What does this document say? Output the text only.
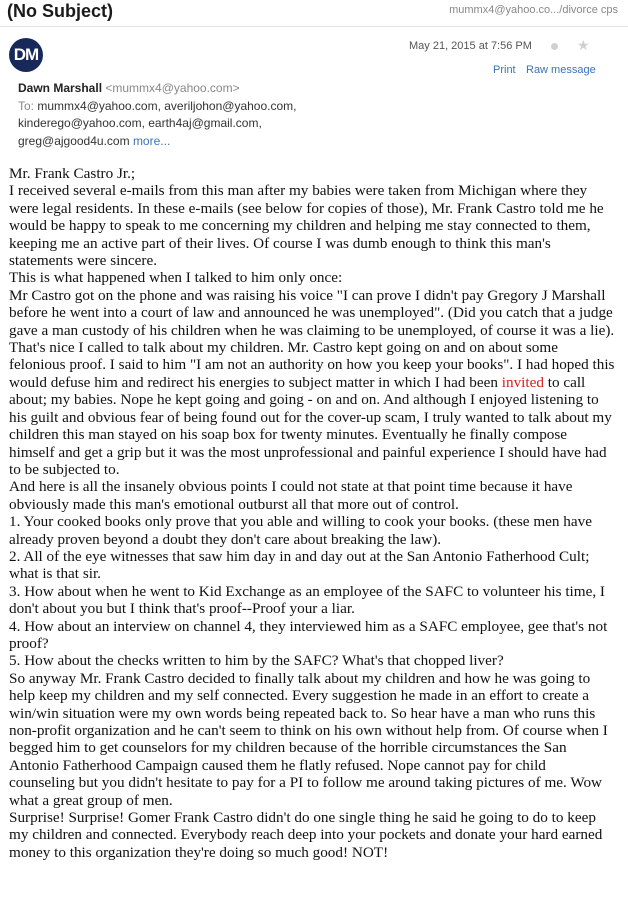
(No Subject)	mummx4@yahoo.co.../divorce cps
DM	May 21, 2015 at 7:56 PM	★
Print Raw message
Dawn Marshall <mummx4@yahoo.com>
To: mummx4@yahoo.com, averiljohon@yahoo.com,
kinderego@yahoo.com, earth4aj@gmail.com,
greg@ajgood4u.com more...

Mr. Frank Castro Jr.;

I received several e-mails from this man after my babies were taken from Michigan where they were legal residents. In these e-mails (see below for copies of those), Mr. Frank Castro told me he would be happy to speak to me concerning my children and helping me stay connected to them, keeping me an active part of their lives. Of course I was dumb enough to think this man's statements were sincere.

This is what happened when I talked to him only once:

Mr Castro got on the phone and was raising his voice "I can prove I didn't pay Gregory J Marshall before he went into a court of law and announced he was unemployed". (Did you catch that a judge gave a man custody of his children when he was claiming to be unemployed, of course it was a lie). That's nice I called to talk about my children. Mr. Castro kept going on and on about some felonious proof. I said to him "I am not an authority on how you keep your books". I had hoped this would defuse him and redirect his energies to subject matter in which I had been invited to call about; my babies. Nope he kept going and going - on and on. And although I enjoyed listening to his guilt and obvious fear of being found out for the cover-up scam, I truly wanted to talk about my children this man stayed on his soap box for twenty minutes. Eventually he finally compose himself and get a grip but it was the most unprofessional and painful experience I should have had to be subjected to.

And here is all the insanely obvious points I could not state at that point time because it have obviously made this man's emotional outburst all that more out of control.

1. Your cooked books only prove that you able and willing to cook your books. (these men have already proven beyond a doubt they don't care about breaking the law).

2. All of the eye witnesses that saw him day in and day out at the San Antonio Fatherhood Cult; what is that sir.

3. How about when he went to Kid Exchange as an employee of the SAFC to volunteer his time, I don't about you but I think that's proof--Proof your a liar.

4. How about an interview on channel 4, they interviewed him as a SAFC employee, gee that's not proof?

5. How about the checks written to him by the SAFC? What's that chopped liver?

So anyway Mr. Frank Castro decided to finally talk about my children and how he was going to help keep my children and my self connected. Every suggestion he made in an effort to create a win/win situation were my own words being repeated back to. So hear have a man who runs this non-profit organization and he can't seem to think on his own without help from. Of course when I begged him to get counselors for my children because of the horrible circumstances the San Antonio Fatherhood Campaign caused them he flatly refused. Nope cannot pay for child counseling but you didn't hesitate to pay for a PI to follow me around taking pictures of me. Wow what a great group of men.

Surprise! Surprise! Gomer Frank Castro didn't do one single thing he said he going to do to keep my children and connected. Everybody reach deep into your pockets and donate your hard earned money to this organization they're doing so much good! NOT!
